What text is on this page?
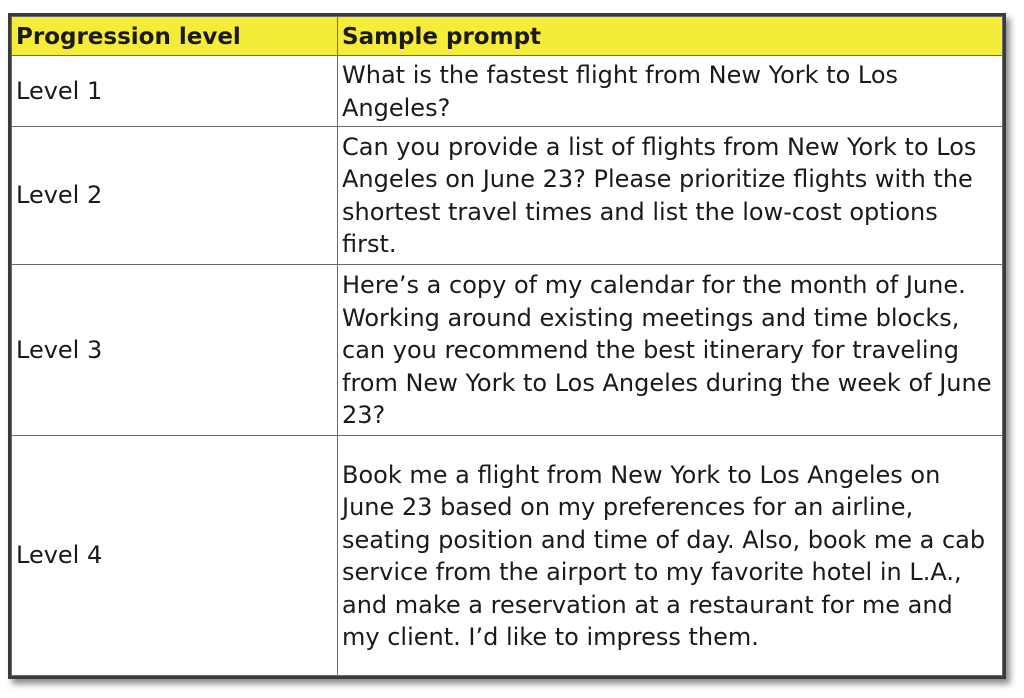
Progression level	Sample prompt
Level 1	What is the fastest flight from New York to Los Angeles?
Level 2	Can you provide a list of flights from New York to Los Angeles on June 23? Please prioritize flights with the shortest travel times and list the low-cost options first.
Level 3	Here’s a copy of my calendar for the month of June. Working around existing meetings and time blocks, can you recommend the best itinerary for traveling from New York to Los Angeles during the week of June 23?
Level 4	Book me a flight from New York to Los Angeles on June 23 based on my preferences for an airline, seating position and time of day. Also, book me a cab service from the airport to my favorite hotel in L.A., and make a reservation at a restaurant for me and my client. I’d like to impress them.
